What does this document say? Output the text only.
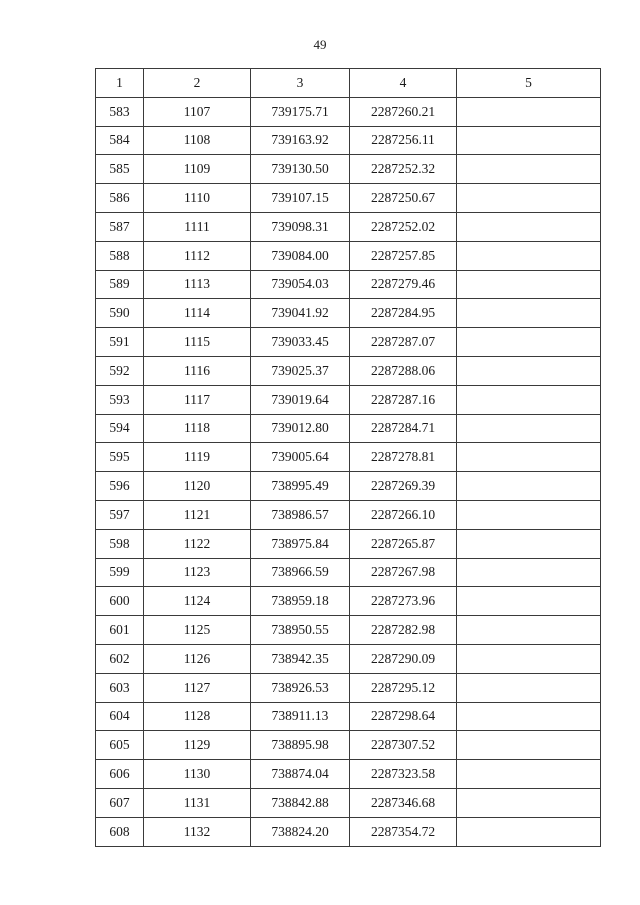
49
1	2	3	4	5
583	1107	739175.71	2287260.21	
584	1108	739163.92	2287256.11	
585	1109	739130.50	2287252.32	
586	1110	739107.15	2287250.67	
587	1111	739098.31	2287252.02	
588	1112	739084.00	2287257.85	
589	1113	739054.03	2287279.46	
590	1114	739041.92	2287284.95	
591	1115	739033.45	2287287.07	
592	1116	739025.37	2287288.06	
593	1117	739019.64	2287287.16	
594	1118	739012.80	2287284.71	
595	1119	739005.64	2287278.81	
596	1120	738995.49	2287269.39	
597	1121	738986.57	2287266.10	
598	1122	738975.84	2287265.87	
599	1123	738966.59	2287267.98	
600	1124	738959.18	2287273.96	
601	1125	738950.55	2287282.98	
602	1126	738942.35	2287290.09	
603	1127	738926.53	2287295.12	
604	1128	738911.13	2287298.64	
605	1129	738895.98	2287307.52	
606	1130	738874.04	2287323.58	
607	1131	738842.88	2287346.68	
608	1132	738824.20	2287354.72	
